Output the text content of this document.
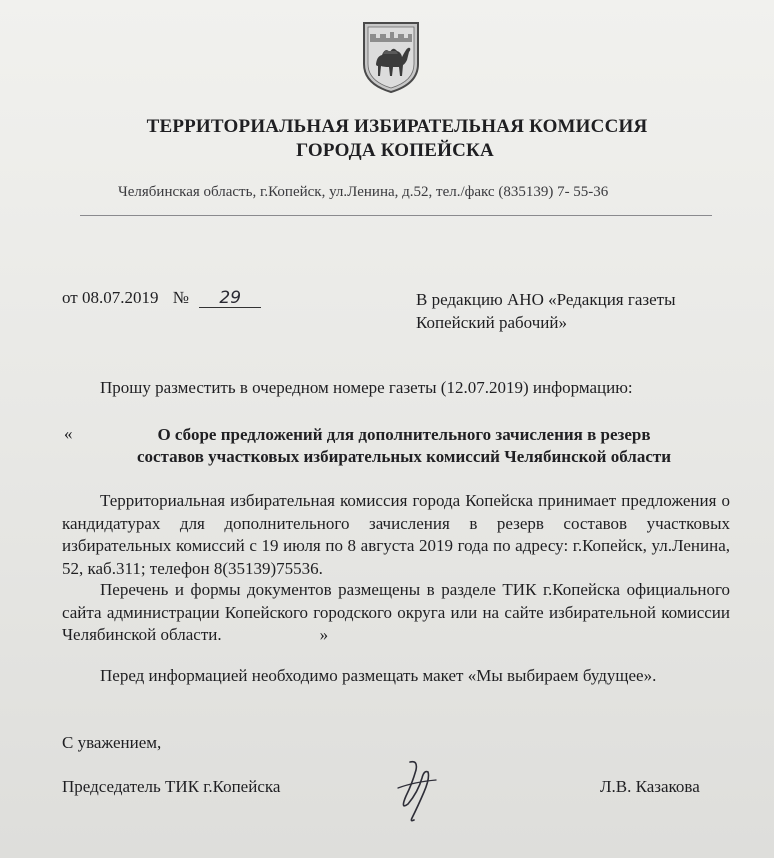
ТЕРРИТОРИАЛЬНАЯ ИЗБИРАТЕЛЬНАЯ КОМИССИЯ
ГОРОДА КОПЕЙСКА
Челябинская область, г.Копейск, ул.Ленина, д.52, тел./факс (835139) 7- 55-36
от 08.07.2019 № 29	В редакцию АНО «Редакция газеты
Копейский рабочий»
Прошу разместить в очередном номере газеты (12.07.2019) информацию:
«	О сборе предложений для дополнительного зачисления в резерв
составов участковых избирательных комиссий Челябинской области

Территориальная избирательная комиссия города Копейска принимает предложения о кандидатурах для дополнительного зачисления в резерв составов участковых избирательных комиссий с 19 июля по 8 августа 2019 года по адресу: г.Копейск, ул.Ленина, 52, каб.311; телефон 8(35139)75536.

Перечень и формы документов размещены в разделе ТИК г.Копейска официального сайта администрации Копейского городского округа или на сайте избирательной комиссии Челябинской области.	»

Перед информацией необходимо размещать макет «Мы выбираем будущее».

С уважением,
Председатель ТИК г.Копейска	Л.В. Казакова
